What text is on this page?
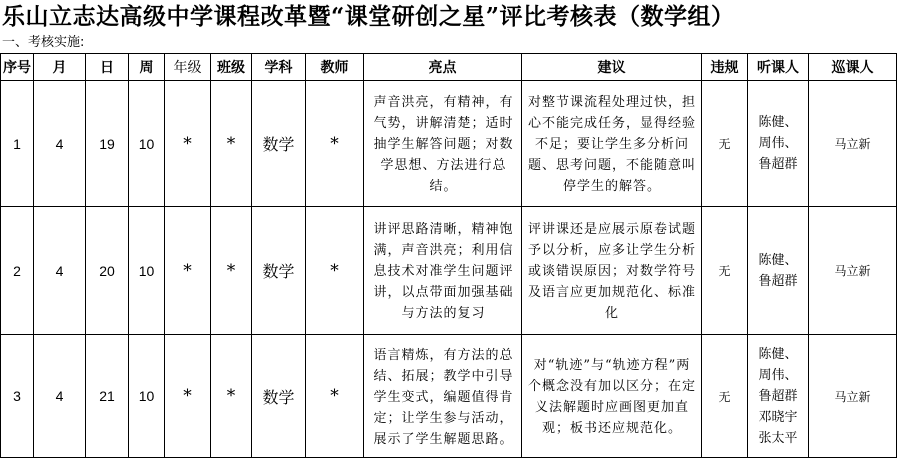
乐山立志达高级中学课程改革暨“课堂研创之星”评比考核表（数学组）
一、考核实施:
序号	月	日	周	年级	班级	学科	教师	亮点	建议	违规	听课人	巡课人
1	4	19	10	*	*	数学	*	声音洪亮，有精神，有气势，讲解清楚；适时抽学生解答问题；对数学思想、方法进行总结。	对整节课流程处理过快，担心不能完成任务，显得经验不足；要让学生多分析问题、思考问题，不能随意叫停学生的解答。	无	陈健、
周伟、
鲁超群	马立新
2	4	20	10	*	*	数学	*	讲评思路清晰，精神饱满，声音洪亮；利用信息技术对准学生问题评讲，以点带面加强基础与方法的复习	评讲课还是应展示原卷试题予以分析，应多让学生分析或谈错误原因；对数学符号及语言应更加规范化、标准化	无	陈健、
鲁超群	马立新
3	4	21	10	*	*	数学	*	语言精炼，有方法的总结、拓展；教学中引导学生变式，编题值得肯定；让学生参与活动，展示了学生解题思路。	对“轨迹”与“轨迹方程”两个概念没有加以区分；在定义法解题时应画图更加直观；板书还应规范化。	无	陈健、
周伟、
鲁超群
邓晓宇
张太平	马立新
